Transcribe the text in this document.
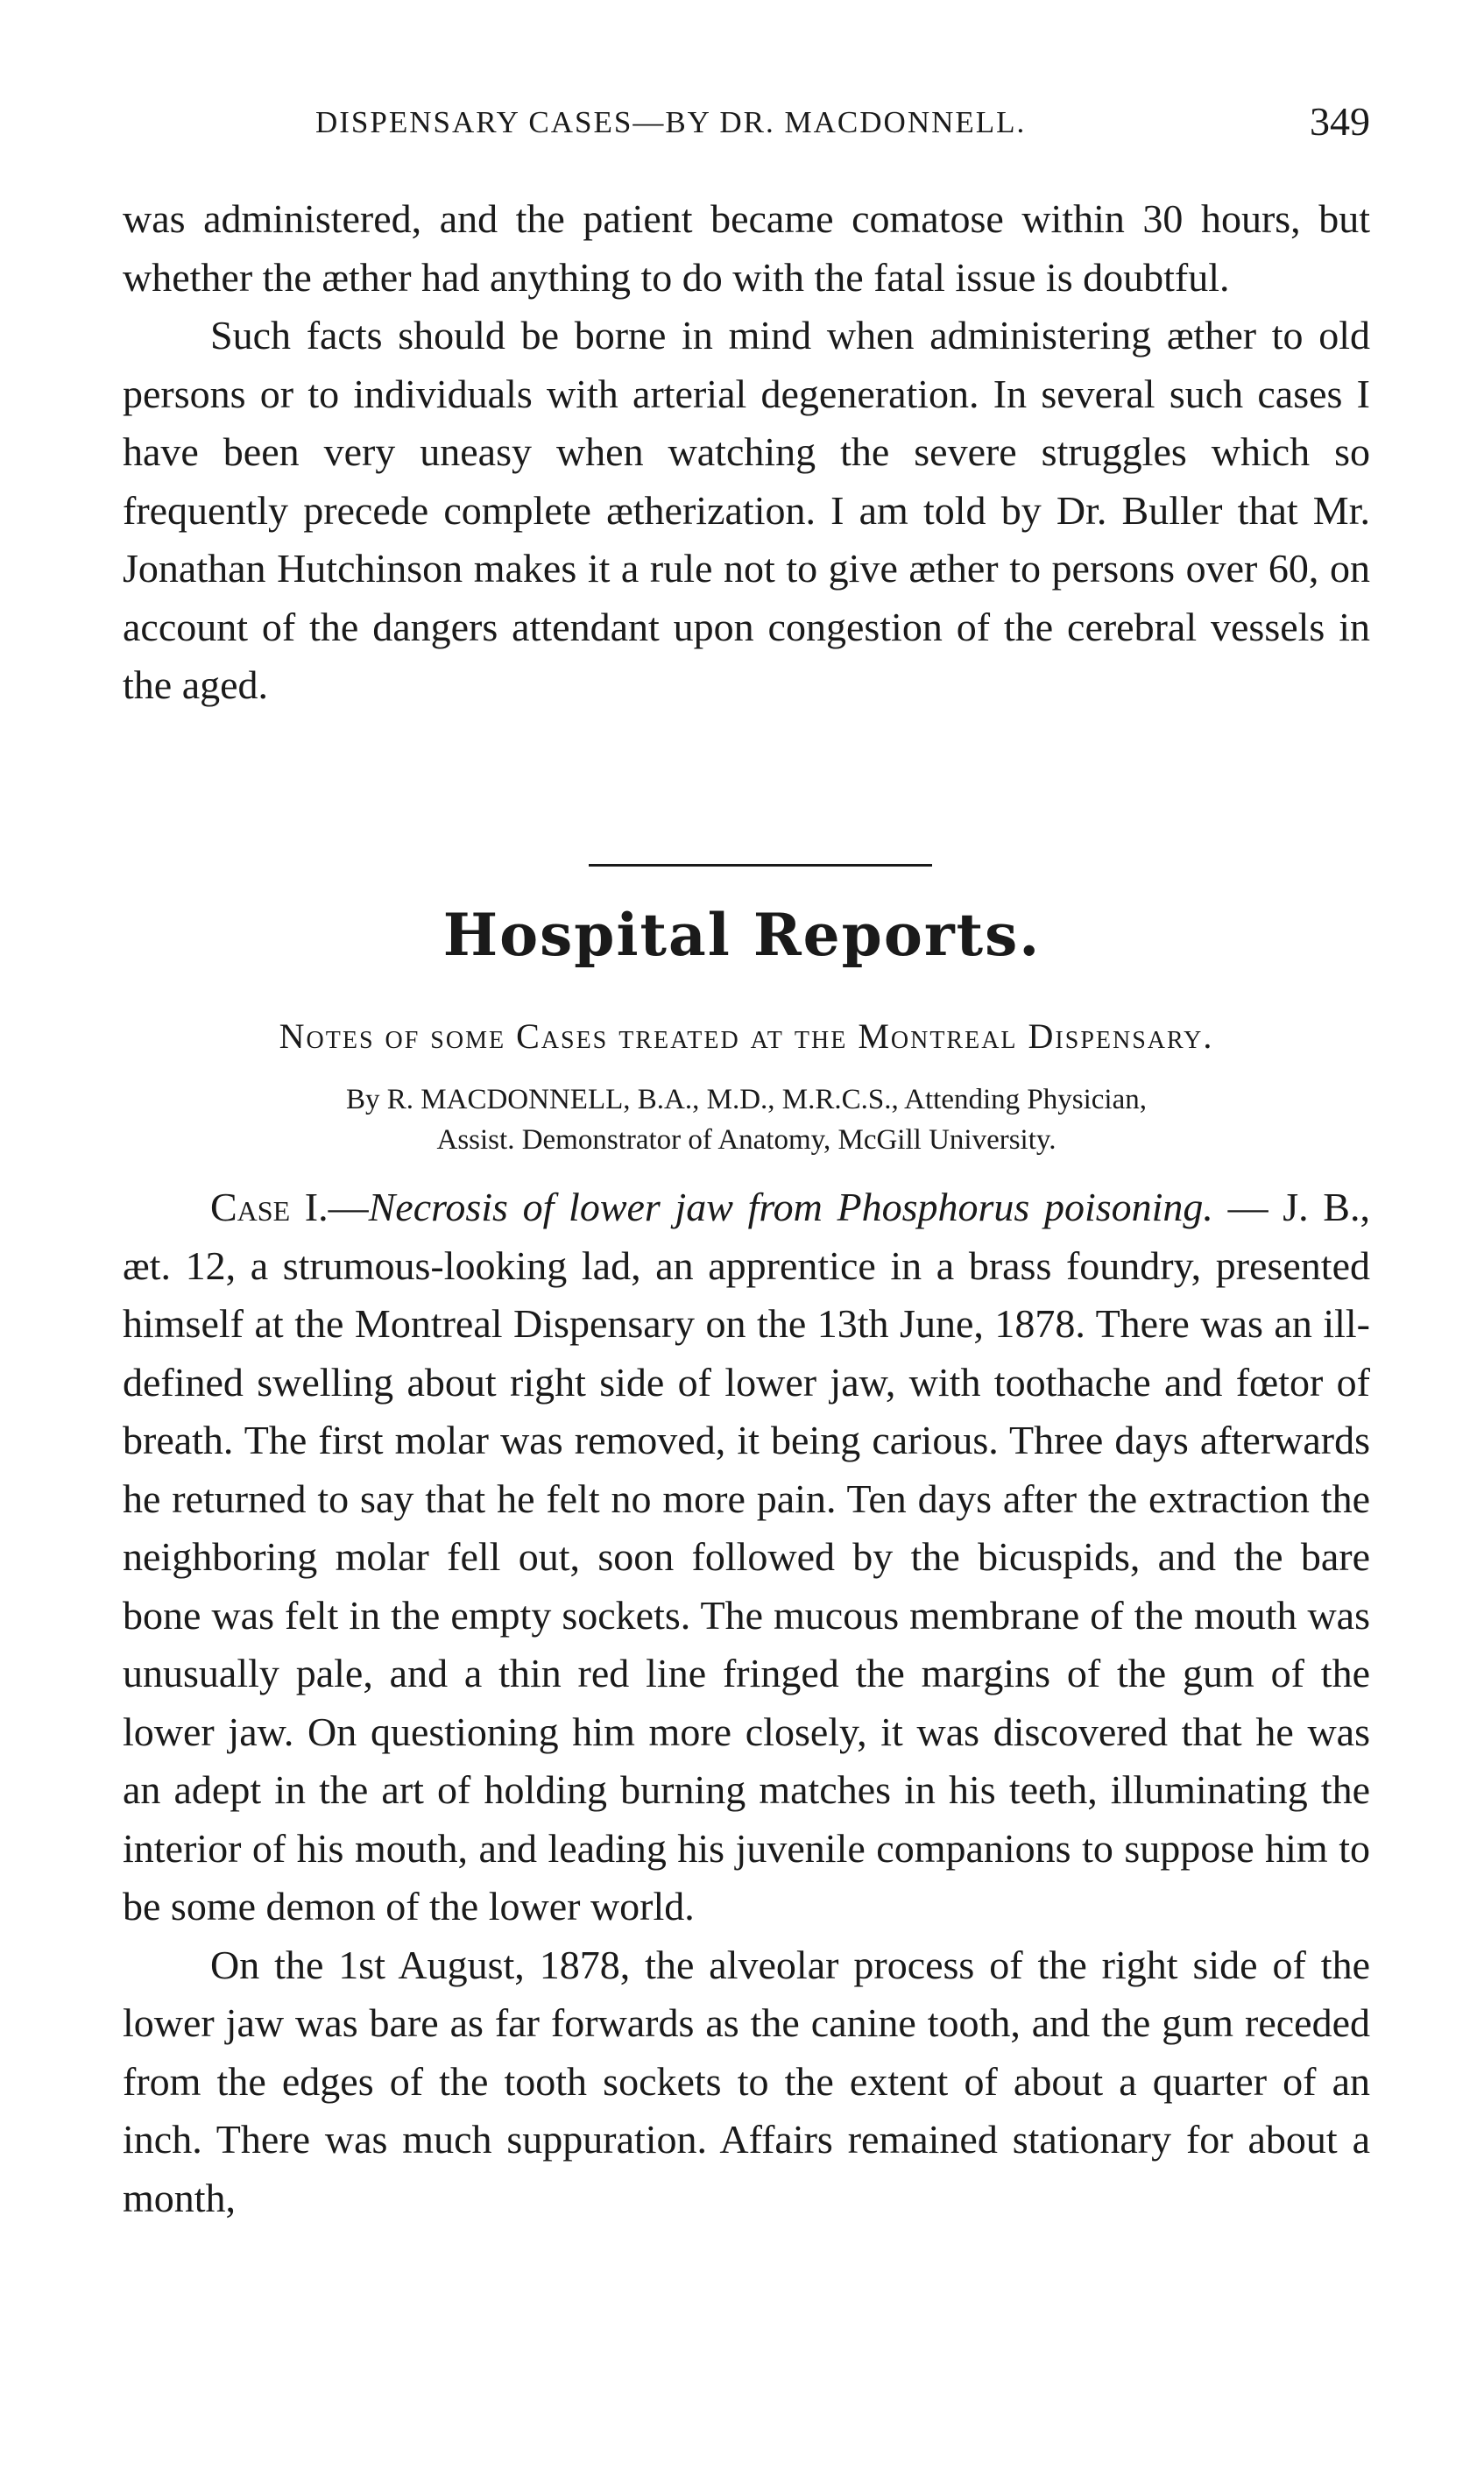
DISPENSARY CASES—BY DR. MACDONNELL.	349

was administered, and the patient became comatose within 30 hours, but whether the æther had anything to do with the fatal issue is doubtful.

Such facts should be borne in mind when administering æther to old persons or to individuals with arterial degeneration. In several such cases I have been very uneasy when watching the severe struggles which so frequently precede complete ætherization. I am told by Dr. Buller that Mr. Jonathan Hutchinson makes it a rule not to give æther to persons over 60, on account of the dangers attendant upon congestion of the cerebral vessels in the aged.

Hospital Reports.
Notes of some Cases treated at the Montreal Dispensary.
By R. MACDONNELL, B.A., M.D., M.R.C.S., Attending Physician,
Assist. Demonstrator of Anatomy, McGill University.

Case I.—Necrosis of lower jaw from Phosphorus poisoning. — J. B., æt. 12, a strumous-looking lad, an apprentice in a brass foundry, presented himself at the Montreal Dispensary on the 13th June, 1878. There was an ill-defined swelling about right side of lower jaw, with toothache and fœtor of breath. The first molar was removed, it being carious. Three days afterwards he returned to say that he felt no more pain. Ten days after the extraction the neighboring molar fell out, soon followed by the bicuspids, and the bare bone was felt in the empty sockets. The mucous membrane of the mouth was unusually pale, and a thin red line fringed the margins of the gum of the lower jaw. On questioning him more closely, it was discovered that he was an adept in the art of holding burning matches in his teeth, illuminating the interior of his mouth, and leading his juvenile companions to suppose him to be some demon of the lower world.

On the 1st August, 1878, the alveolar process of the right side of the lower jaw was bare as far forwards as the canine tooth, and the gum receded from the edges of the tooth sockets to the extent of about a quarter of an inch. There was much suppuration. Affairs remained stationary for about a month,
